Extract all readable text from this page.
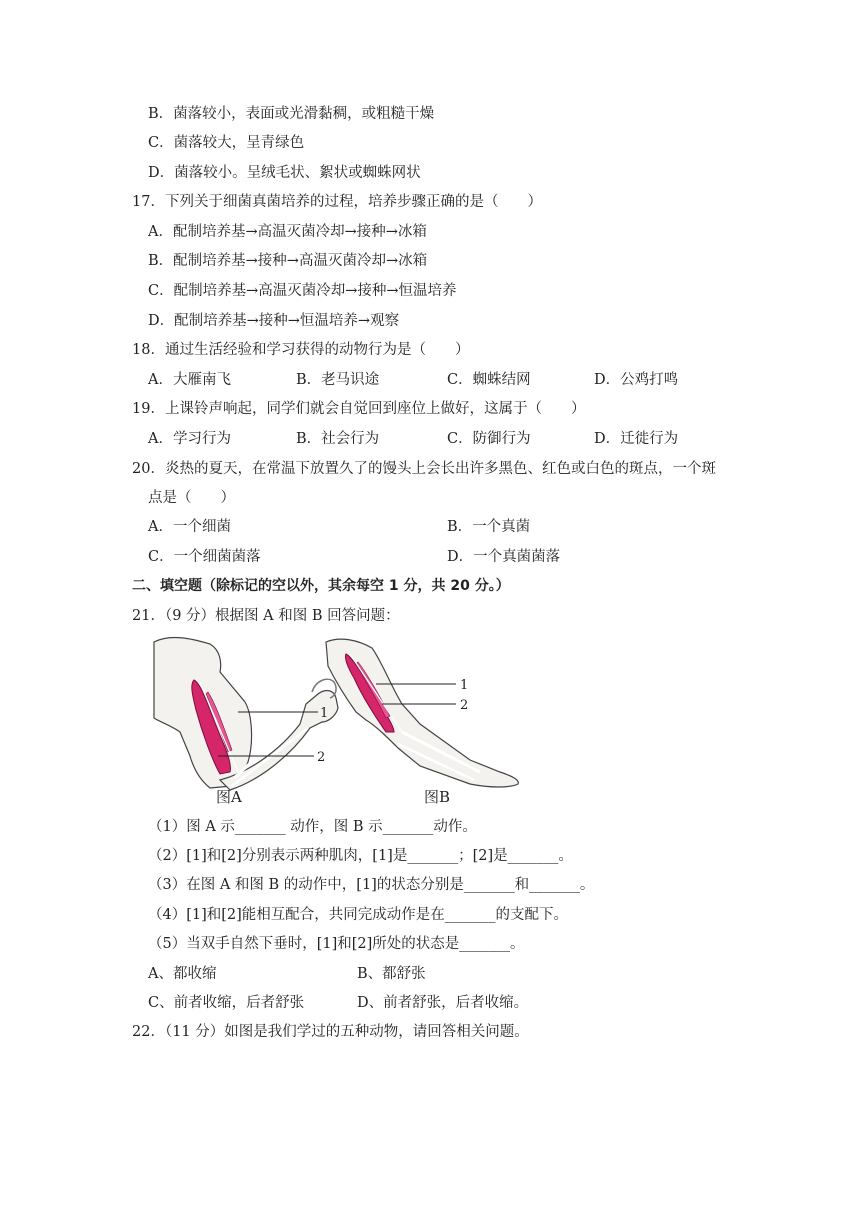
B．菌落较小，表面或光滑黏稠，或粗糙干燥
C．菌落较大，呈青绿色
D．菌落较小。呈绒毛状、絮状或蜘蛛网状
17．下列关于细菌真菌培养的过程，培养步骤正确的是（　　）
A．配制培养基→高温灭菌冷却→接种→冰箱
B．配制培养基→接种→高温灭菌冷却→冰箱
C．配制培养基→高温灭菌冷却→接种→恒温培养
D．配制培养基→接种→恒温培养→观察
18．通过生活经验和学习获得的动物行为是（　　）
A．大雁南飞	B．老马识途	C．蜘蛛结网	D．公鸡打鸣
19．上课铃声响起，同学们就会自觉回到座位上做好，这属于（　　）
A．学习行为	B．社会行为	C．防御行为	D．迁徙行为
20．炎热的夏天，在常温下放置久了的馒头上会长出许多黑色、红色或白色的斑点，一个斑
点是（　　）
A．一个细菌	B．一个真菌
C．一个细菌菌落	D．一个真菌菌落
二、填空题（除标记的空以外，其余每空 1 分，共 20 分。）
21．（9 分）根据图 A 和图 B 回答问题：
1
2
图A
1
2
图B
（1）图 A 示_______ 动作，图 B 示_______动作。
（2）[1]和[2]分别表示两种肌肉，[1]是_______；[2]是_______。
（3）在图 A 和图 B 的动作中，[1]的状态分别是_______和_______。
（4）[1]和[2]能相互配合，共同完成动作是在_______的支配下。
（5）当双手自然下垂时，[1]和[2]所处的状态是_______。
A、都收缩	B、都舒张
C、前者收缩，后者舒张	D、前者舒张，后者收缩。
22．（11 分）如图是我们学过的五种动物，请回答相关问题。
